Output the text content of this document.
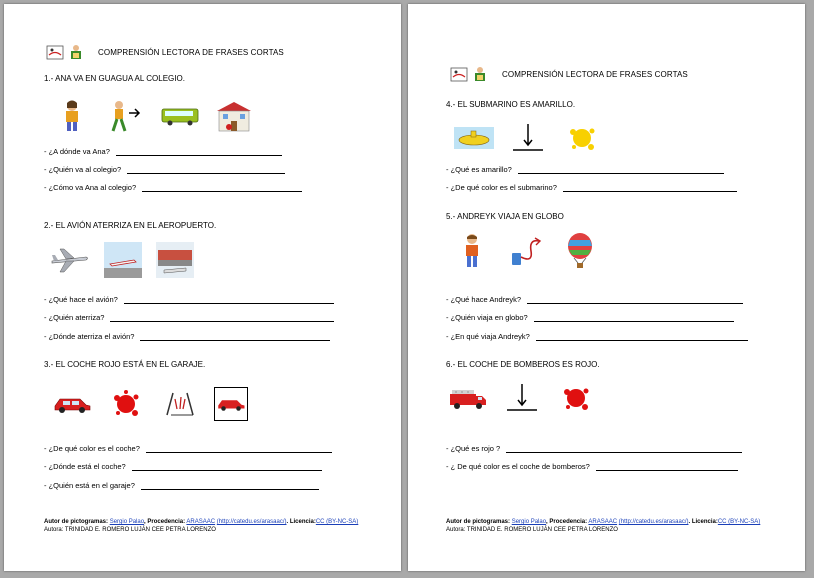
COMPRENSIÓN LECTORA DE FRASES CORTAS
1.- ANA VA EN GUAGUA AL COLEGIO.
- ¿A dónde va Ana?
- ¿Quién va al colegio?
- ¿Cómo va Ana al colegio?
2.- EL AVIÓN ATERRIZA EN EL AEROPUERTO.
- ¿Qué hace el avión?
- ¿Quién aterriza?
- ¿Dónde aterriza el avión?
3.- EL COCHE ROJO ESTÁ EN EL GARAJE.
- ¿De qué color es el coche?
- ¿Dónde está el coche?
- ¿Quién está en el garaje?
Autor de pictogramas: Sergio Palao, Procedencia: ARASAAC (http://catedu.es/arasaac/). Licencia:CC (BY-NC-SA)
Autora: TRINIDAD E. ROMERO LUJÁN CEE PETRA LORENZO
COMPRENSIÓN LECTORA DE FRASES CORTAS
4.- EL SUBMARINO ES AMARILLO.
- ¿Qué es amarillo?
- ¿De qué color es el submarino?
5.- ANDREYK VIAJA EN GLOBO
- ¿Qué hace Andreyk?
- ¿Quién viaja en globo?
- ¿En qué viaja Andreyk?
6.- EL COCHE DE BOMBEROS ES ROJO.
- ¿Qué es rojo ?
- ¿ De qué color es el coche de bomberos?
Autor de pictogramas: Sergio Palao, Procedencia: ARASAAC (http://catedu.es/arasaac/). Licencia:CC (BY-NC-SA)
Autora: TRINIDAD E. ROMERO LUJÁN CEE PETRA LORENZO
